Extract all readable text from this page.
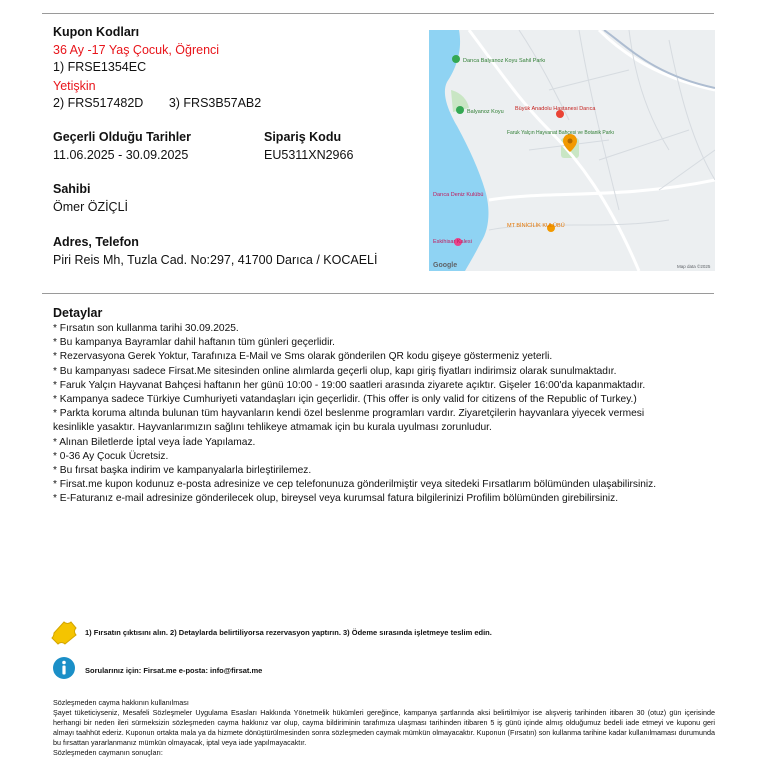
Kupon Kodları
36 Ay -17 Yaş Çocuk, Öğrenci
1) FRSE1354EC
Yetişkin
2) FRS517482D 3) FRS3B57AB2
Geçerli Olduğu Tarihler
11.06.2025 - 30.09.2025
Sipariş Kodu
EU5311XN2966
Sahibi
Ömer ÖZİÇLİ
Adres, Telefon
Piri Reis Mh, Tuzla Cad. No:297, 41700 Darıca / KOCAELİ
Darıca Balyanoz Koyu Sahil Parkı
Balyanoz Koyu Büyük Anadolu Hastanesi Darıca
Faruk Yalçın Hayvanat Bahçesi ve Botanik Parkı
Darıca Deniz Kulübü
MT BİNİCİLİK KULÜBÜ
Eskihisar Kalesi
Google	Map data ©2025
Detaylar
* Fırsatın son kullanma tarihi 30.09.2025.
* Bu kampanya Bayramlar dahil haftanın tüm günleri geçerlidir.
* Rezervasyona Gerek Yoktur, Tarafınıza E-Mail ve Sms olarak gönderilen QR kodu gişeye göstermeniz yeterli.
* Bu kampanyası sadece Firsat.Me sitesinden online alımlarda geçerli olup, kapı giriş fiyatları indirimsiz olarak sunulmaktadır.
* Faruk Yalçın Hayvanat Bahçesi haftanın her günü 10:00 - 19:00 saatleri arasında ziyarete açıktır. Gişeler 16:00'da kapanmaktadır.
* Kampanya sadece Türkiye Cumhuriyeti vatandaşları için geçerlidir. (This offer is only valid for citizens of the Republic of Turkey.)
* Parkta koruma altında bulunan tüm hayvanların kendi özel beslenme programları vardır. Ziyaretçilerin hayvanlara yiyecek vermesi
kesinlikle yasaktır. Hayvanlarımızın sağlını tehlikeye atmamak için bu kurala uyulması zorunludur.
* Alınan Biletlerde İptal veya İade Yapılamaz.
* 0-36 Ay Çocuk Ücretsiz.
* Bu fırsat başka indirim ve kampanyalarla birleştirilemez.
* Firsat.me kupon kodunuz e-posta adresinize ve cep telefonunuza gönderilmiştir veya sitedeki Fırsatlarım bölümünden ulaşabilirsiniz.
* E-Faturanız e-mail adresinize gönderilecek olup, bireysel veya kurumsal fatura bilgilerinizi Profilim bölümünden girebilirsiniz.
1) Fırsatın çıktısını alın. 2) Detaylarda belirtiliyorsa rezervasyon yaptırın. 3) Ödeme sırasında işletmeye teslim edin.
Sorularınız için: Firsat.me e-posta: info@firsat.me
Sözleşmeden cayma hakkının kullanılması
Şayet tüketiciyseniz, Mesafeli Sözleşmeler Uygulama Esasları Hakkında Yönetmelik hükümleri gereğince, kampanya şartlarında aksi belirtilmiyor ise alışveriş tarihinden itibaren 30 (otuz) gün içerisinde herhangi bir neden ileri sürmeksizin sözleşmeden cayma hakkınız var olup, cayma bildiriminin tarafımıza ulaşması tarihinden itibaren 5 iş günü içinde almış olduğumuz bedeli iade etmeyi ve kuponu geri almayı taahhüt ederiz. Kuponun ortakta mala ya da hizmete dönüştürülmesinden sonra sözleşmeden caymak mümkün olmayacaktır. Kuponun (Fırsatın) son kullanma tarihine kadar kullanılmaması durumunda bu fırsattan yararlanmanız mümkün olmayacak, iptal veya iade yapılmayacaktır.
Sözleşmeden caymanın sonuçları:
